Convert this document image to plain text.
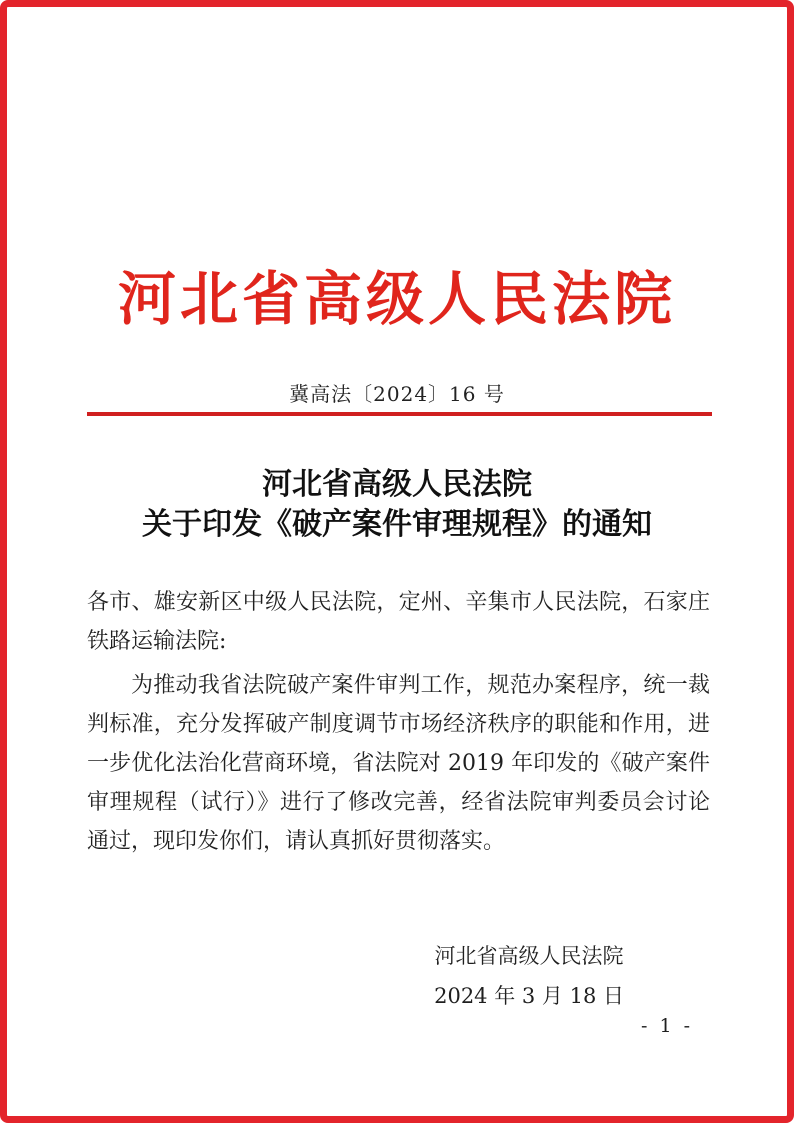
河北省高级人民法院
冀高法〔2024〕16 号
河北省高级人民法院
关于印发《破产案件审理规程》的通知

各市、雄安新区中级人民法院，定州、辛集市人民法院，石家庄铁路运输法院:

为推动我省法院破产案件审判工作，规范办案程序，统一裁判标准，充分发挥破产制度调节市场经济秩序的职能和作用，进一步优化法治化营商环境，省法院对 2019 年印发的《破产案件审理规程（试行）》进行了修改完善，经省法院审判委员会讨论通过，现印发你们，请认真抓好贯彻落实。

河北省高级人民法院
2024 年 3 月 18 日
- 1 -
